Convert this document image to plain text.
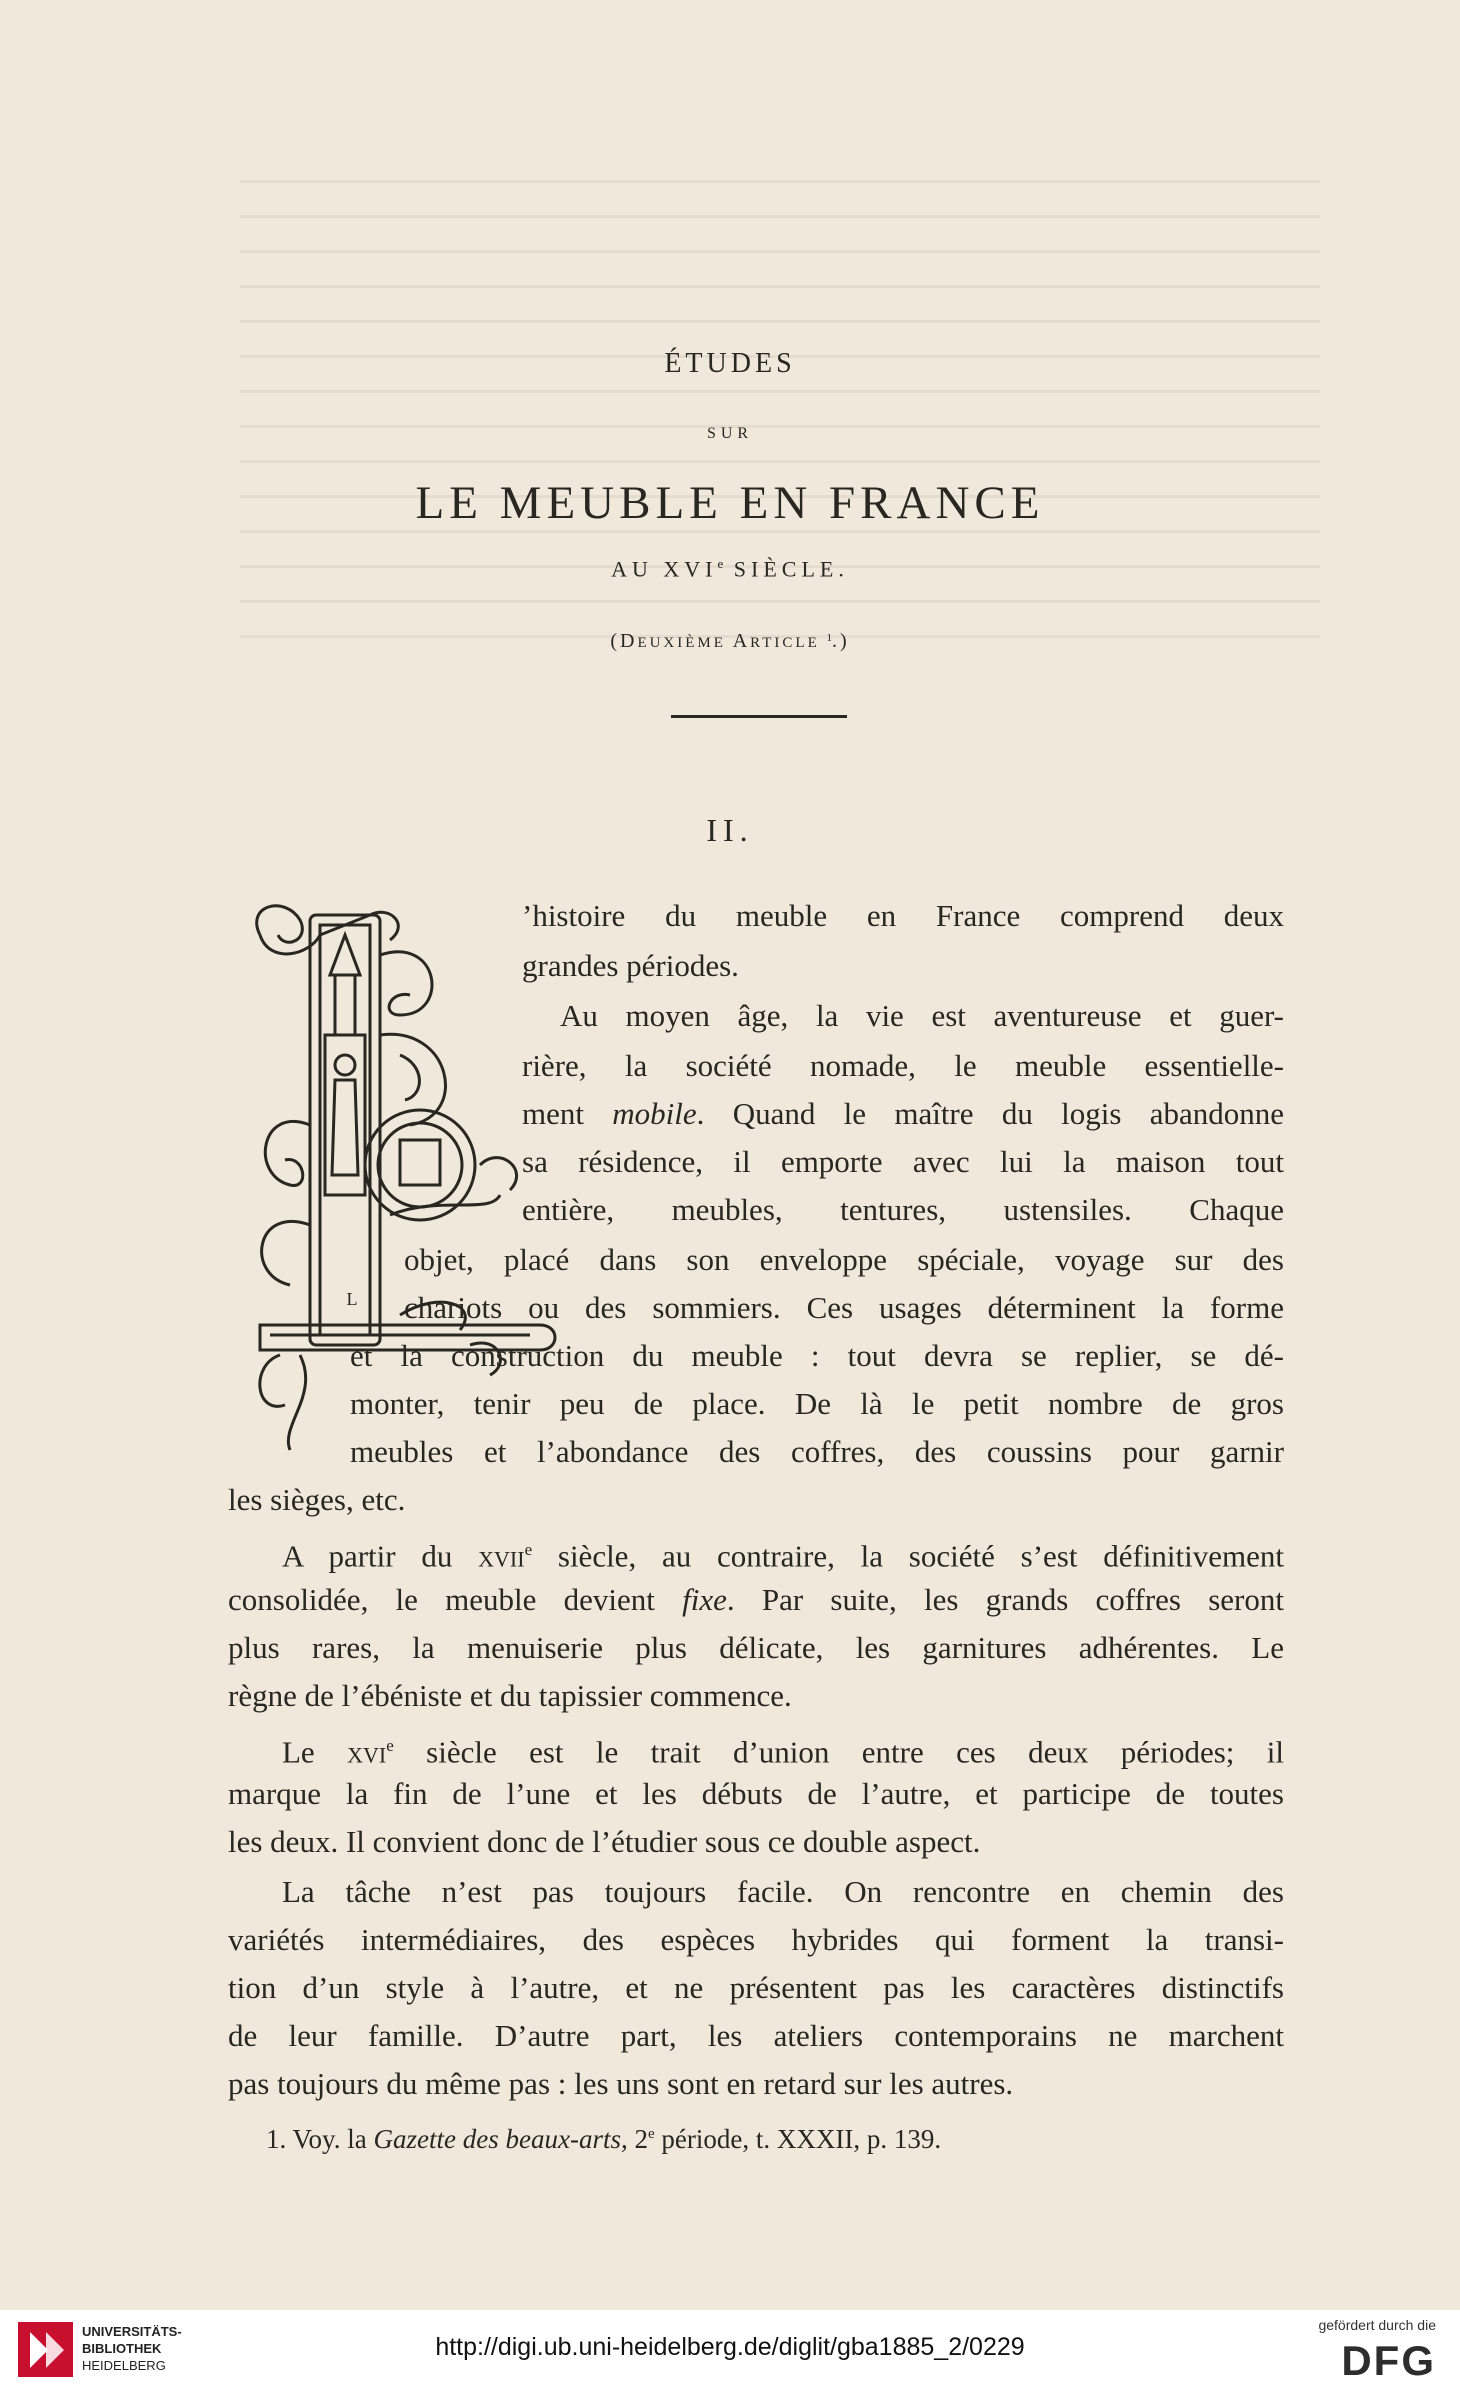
ÉTUDES
SUR
LE MEUBLE EN FRANCE
AU XVIe SIÈCLE.
(DEUXIÈME ARTICLE $^1$.)
II.
L
’histoire du meuble en France comprend deux
grandes périodes.
Au moyen âge, la vie est aventureuse et guer-
rière, la société nomade, le meuble essentielle-
ment mobile. Quand le maître du logis abandonne
sa résidence, il emporte avec lui la maison tout
entière, meubles, tentures, ustensiles. Chaque
objet, placé dans son enveloppe spéciale, voyage sur des
chariots ou des sommiers. Ces usages déterminent la forme
et la construction du meuble : tout devra se replier, se dé-
monter, tenir peu de place. De là le petit nombre de gros
meubles et l’abondance des coffres, des coussins pour garnir
les sièges, etc.
A partir du xvii$^e$ siècle, au contraire, la société s’est définitivement
consolidée, le meuble devient fixe. Par suite, les grands coffres seront
plus rares, la menuiserie plus délicate, les garnitures adhérentes. Le
règne de l’ébéniste et du tapissier commence.
Le xvi$^e$ siècle est le trait d’union entre ces deux périodes; il
marque la fin de l’une et les débuts de l’autre, et participe de toutes
les deux. Il convient donc de l’étudier sous ce double aspect.
La tâche n’est pas toujours facile. On rencontre en chemin des
variétés intermédiaires, des espèces hybrides qui forment la transi-
tion d’un style à l’autre, et ne présentent pas les caractères distinctifs
de leur famille. D’autre part, les ateliers contemporains ne marchent
pas toujours du même pas : les uns sont en retard sur les autres.
1. Voy. la Gazette des beaux-arts, 2e période, t. XXXII, p. 139.
UNIVERSITÄTS-
BIBLIOTHEK
HEIDELBERG
http://digi.ub.uni-heidelberg.de/diglit/gba1885_2/0229
gefördert durch die
DFG
